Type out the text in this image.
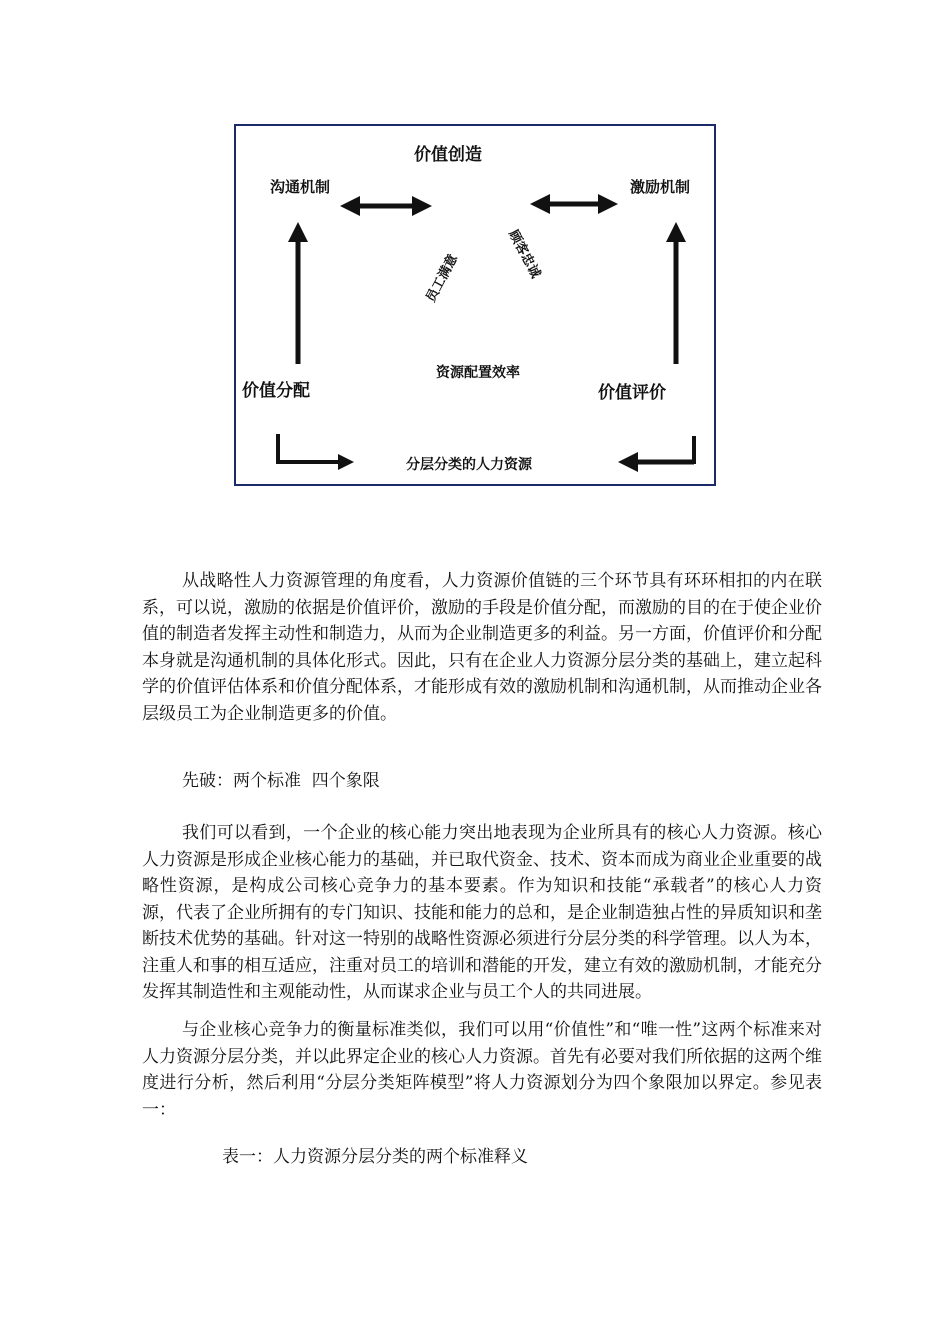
价值创造
沟通机制	激励机制
价值分配	价值评价
资源配置效率
分层分类的人力资源
员工满意	顾客忠诚

从战略性人力资源管理的角度看，人力资源价值链的三个环节具有环环相扣的内在联系，可以说，激励的依据是价值评价，激励的手段是价值分配，而激励的目的在于使企业价值的制造者发挥主动性和制造力，从而为企业制造更多的利益。另一方面，价值评价和分配本身就是沟通机制的具体化形式。因此，只有在企业人力资源分层分类的基础上，建立起科学的价值评估体系和价值分配体系，才能形成有效的激励机制和沟通机制，从而推动企业各层级员工为企业制造更多的价值。

先破：两个标准  四个象限

我们可以看到，一个企业的核心能力突出地表现为企业所具有的核心人力资源。核心人力资源是形成企业核心能力的基础，并已取代资金、技术、资本而成为商业企业重要的战略性资源，是构成公司核心竞争力的基本要素。作为知识和技能“承载者”的核心人力资源，代表了企业所拥有的专门知识、技能和能力的总和，是企业制造独占性的异质知识和垄断技术优势的基础。针对这一特别的战略性资源必须进行分层分类的科学管理。以人为本，注重人和事的相互适应，注重对员工的培训和潜能的开发，建立有效的激励机制，才能充分发挥其制造性和主观能动性，从而谋求企业与员工个人的共同进展。

与企业核心竞争力的衡量标准类似，我们可以用“价值性”和“唯一性”这两个标准来对人力资源分层分类，并以此界定企业的核心人力资源。首先有必要对我们所依据的这两个维度进行分析，然后利用“分层分类矩阵模型”将人力资源划分为四个象限加以界定。参见表一：

表一：人力资源分层分类的两个标准释义
